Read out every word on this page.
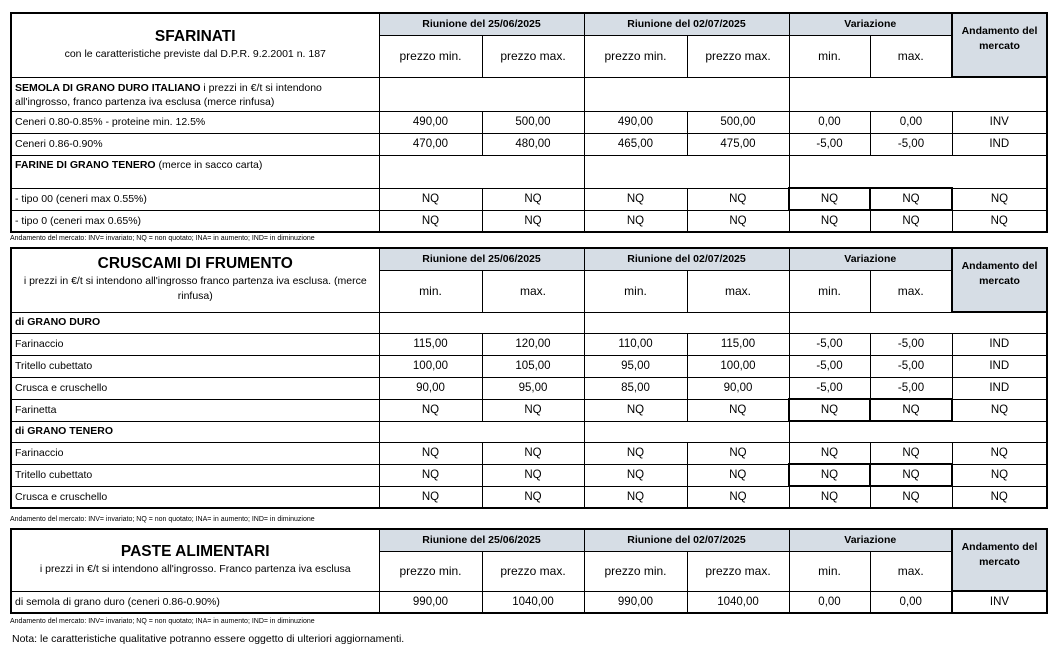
SFARINATI
con le caratteristiche previste dal D.P.R. 9.2.2001 n. 187	Riunione del 25/06/2025		Riunione del 02/07/2025		Variazione		Andamento del mercato
	prezzo min.	prezzo max.	prezzo min.	prezzo max.	min.	max.	
SEMOLA DI GRANO DURO ITALIANO i prezzi in €/t si intendono all'ingrosso, franco partenza iva esclusa (merce rinfusa)							
Ceneri 0.80-0.85% - proteine min. 12.5%	490,00	500,00	490,00	500,00	0,00	0,00	INV
Ceneri 0.86-0.90%	470,00	480,00	465,00	475,00	-5,00	-5,00	IND
FARINE DI GRANO TENERO (merce in sacco carta)							
- tipo 00 (ceneri max 0.55%)	NQ	NQ	NQ	NQ	NQ	NQ	NQ
- tipo 0 (ceneri max 0.65%)	NQ	NQ	NQ	NQ	NQ	NQ	NQ
Andamento del mercato: INV= invariato; NQ = non quotato; INA= in aumento; IND= in diminuzione
CRUSCAMI DI FRUMENTO
i prezzi in €/t si intendono all'ingrosso franco partenza iva esclusa. (merce rinfusa)	Riunione del 25/06/2025		Riunione del 02/07/2025		Variazione		Andamento del mercato
	min.	max.	min.	max.	min.	max.	
di GRANO DURO							
Farinaccio	115,00	120,00	110,00	115,00	-5,00	-5,00	IND
Tritello cubettato	100,00	105,00	95,00	100,00	-5,00	-5,00	IND
Crusca e cruschello	90,00	95,00	85,00	90,00	-5,00	-5,00	IND
Farinetta	NQ	NQ	NQ	NQ	NQ	NQ	NQ
di GRANO TENERO							
Farinaccio	NQ	NQ	NQ	NQ	NQ	NQ	NQ
Tritello cubettato	NQ	NQ	NQ	NQ	NQ	NQ	NQ
Crusca e cruschello	NQ	NQ	NQ	NQ	NQ	NQ	NQ
Andamento del mercato: INV= invariato; NQ = non quotato; INA= in aumento; IND= in diminuzione
PASTE ALIMENTARI
i prezzi in €/t si intendono all'ingrosso. Franco partenza iva esclusa	Riunione del 25/06/2025		Riunione del 02/07/2025		Variazione		Andamento del mercato
	prezzo min.	prezzo max.	prezzo min.	prezzo max.	min.	max.	
di semola di grano duro (ceneri 0.86-0.90%)	990,00	1040,00	990,00	1040,00	0,00	0,00	INV
Andamento del mercato: INV= invariato; NQ = non quotato; INA= in aumento; IND= in diminuzione
Nota: le caratteristiche qualitative potranno essere oggetto di ulteriori aggiornamenti.
